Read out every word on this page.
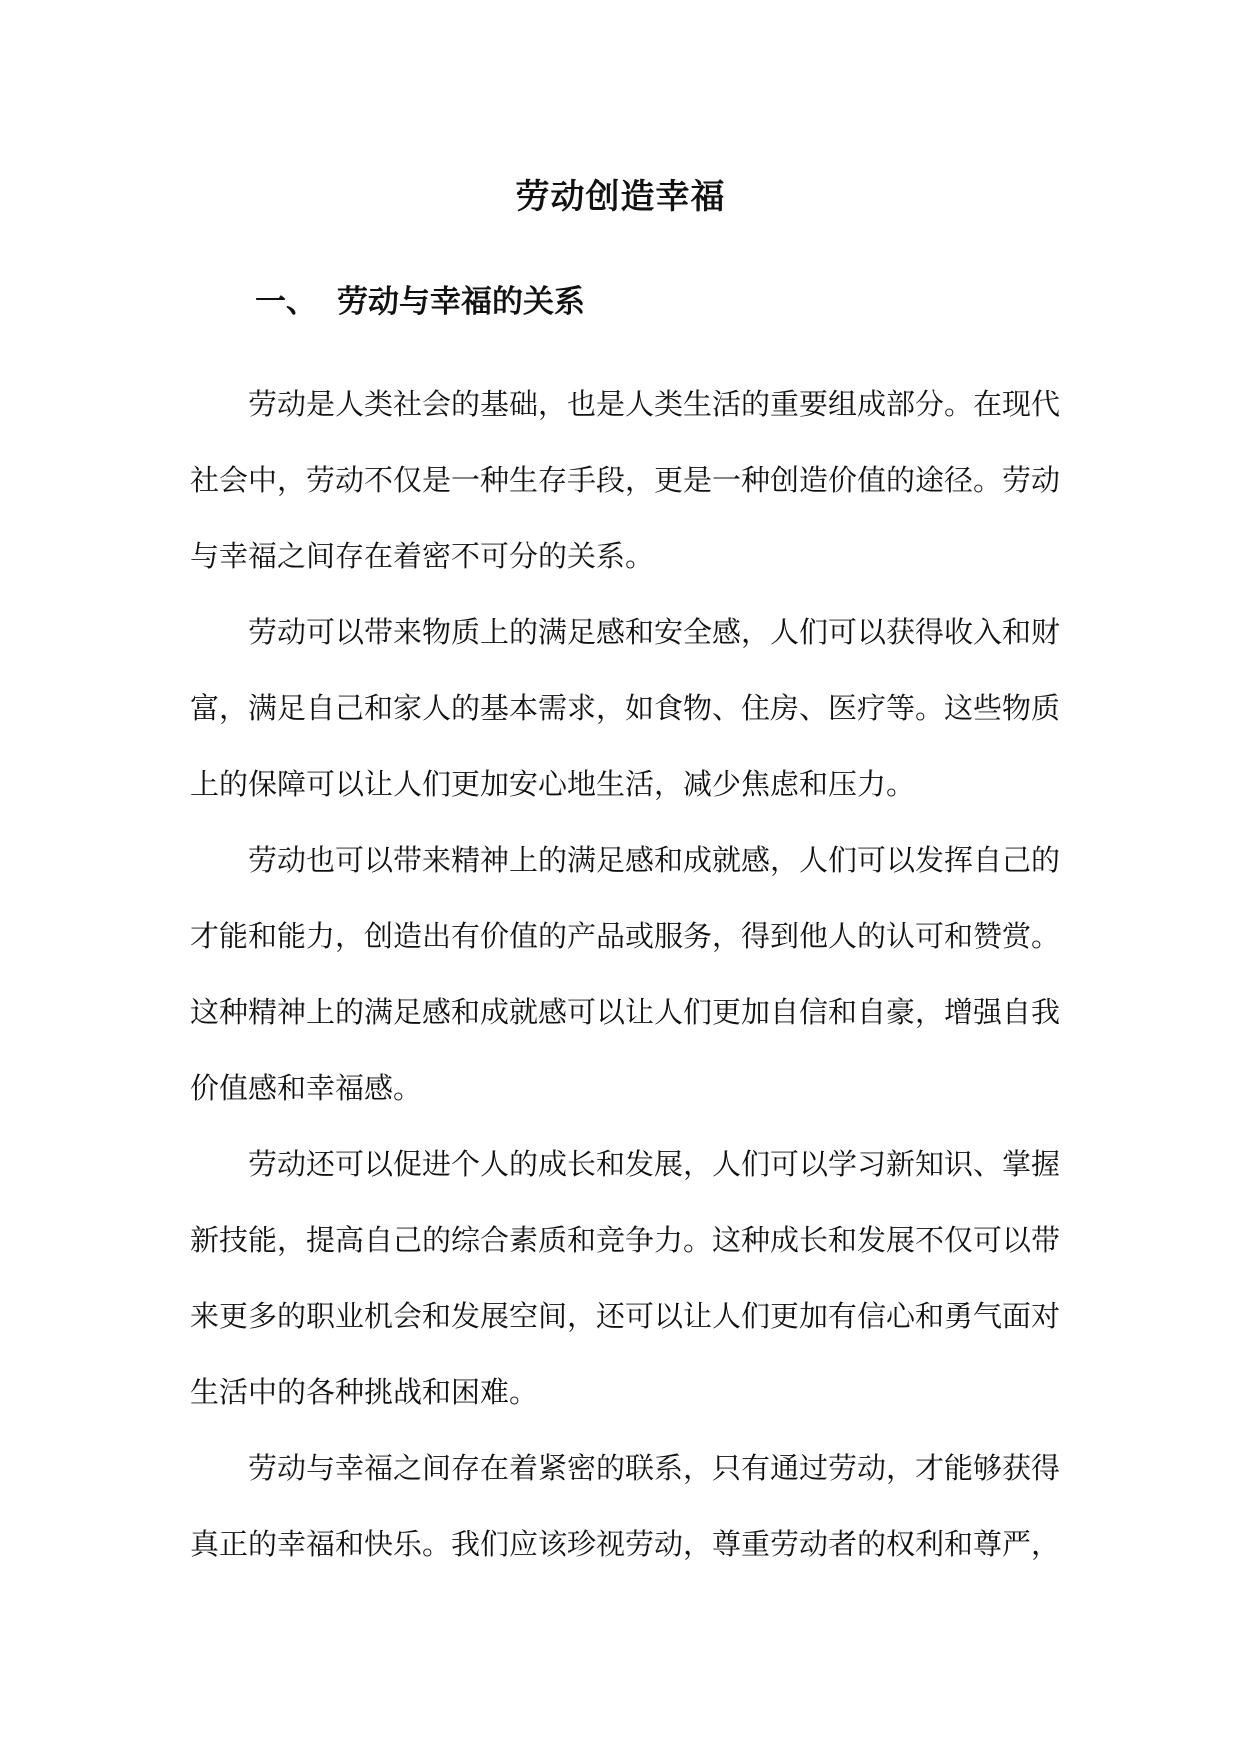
劳动创造幸福
一、 劳动与幸福的关系

劳动是人类社会的基础，也是人类生活的重要组成部分。在现代
社会中，劳动不仅是一种生存手段，更是一种创造价值的途径。劳动
与幸福之间存在着密不可分的关系。

劳动可以带来物质上的满足感和安全感，人们可以获得收入和财
富，满足自己和家人的基本需求，如食物、住房、医疗等。这些物质
上的保障可以让人们更加安心地生活，减少焦虑和压力。

劳动也可以带来精神上的满足感和成就感，人们可以发挥自己的
才能和能力，创造出有价值的产品或服务，得到他人的认可和赞赏。
这种精神上的满足感和成就感可以让人们更加自信和自豪，增强自我
价值感和幸福感。

劳动还可以促进个人的成长和发展，人们可以学习新知识、掌握
新技能，提高自己的综合素质和竞争力。这种成长和发展不仅可以带
来更多的职业机会和发展空间，还可以让人们更加有信心和勇气面对
生活中的各种挑战和困难。

劳动与幸福之间存在着紧密的联系，只有通过劳动，才能够获得
真正的幸福和快乐。我们应该珍视劳动，尊重劳动者的权利和尊严，
